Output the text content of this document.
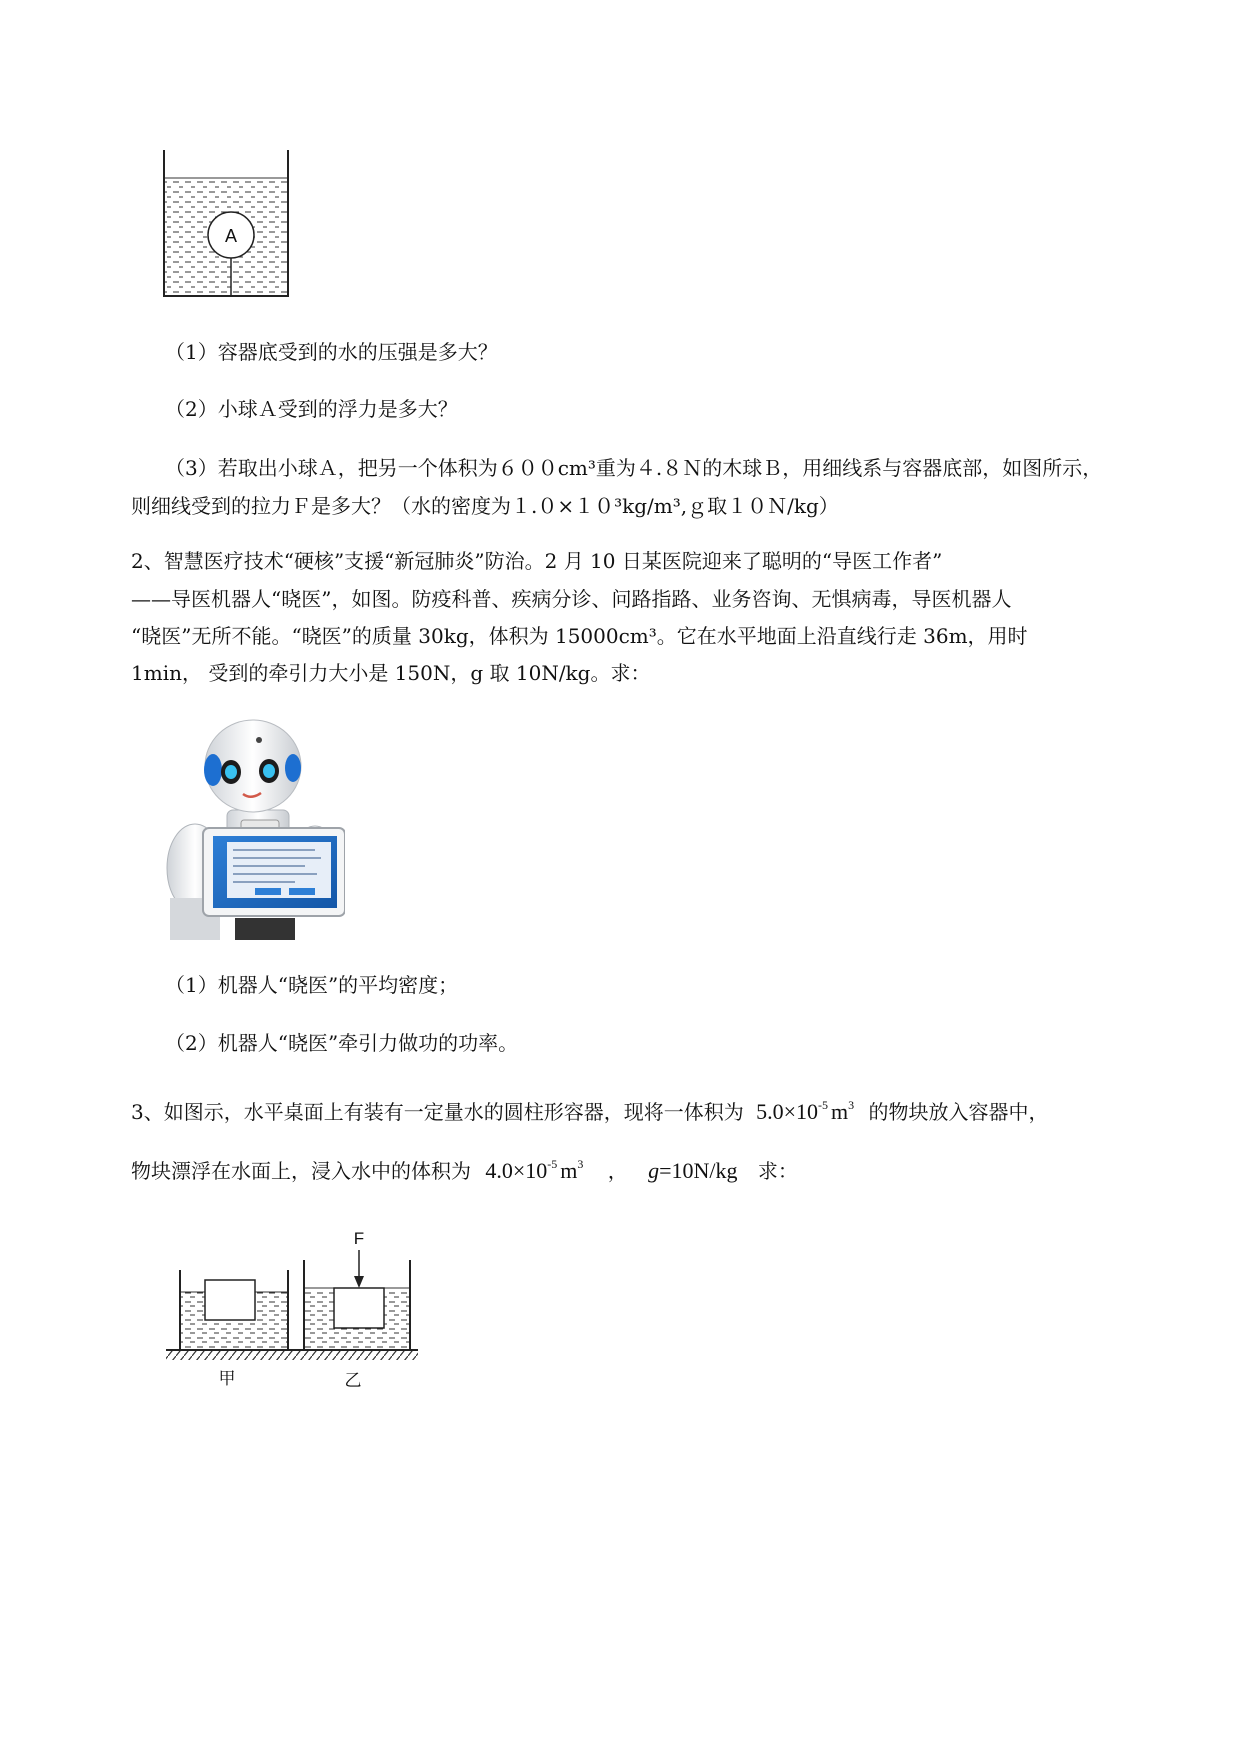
A
（1）容器底受到的水的压强是多大？
（2）小球Ａ受到的浮力是多大？
（3）若取出小球Ａ，把另一个体积为６００cm³重为４.８Ｎ的木球Ｂ，用细线系与容器底部，如图所示，
则细线受到的拉力Ｆ是多大？（水的密度为１.０×１０³kg/m³,ｇ取１０Ｎ/kg）
2、智慧医疗技术“硬核”支援“新冠肺炎”防治。2 月 10 日某医院迎来了聪明的“导医工作者”
——导医机器人“晓医”，如图。防疫科普、疾病分诊、问路指路、业务咨询、无惧病毒，导医机器人
“晓医”无所不能。“晓医”的质量 30kg，体积为 15000cm³。它在水平地面上沿直线行走 36m，用时
1min， 受到的牵引力大小是 150N，g 取 10N/kg。求：
（1）机器人“晓医”的平均密度；
（2）机器人“晓医”牵引力做功的功率。
3、如图示，水平桌面上有装有一定量水的圆柱形容器，现将一体积为 $5.0\times 10^{-5}$ $m^3$ 的物块放入容器中，
物块漂浮在水面上，浸入水中的体积为 $4.0\times 10^{-5}$ $m^3$ ， g=10N/kg 求：
F
甲	乙
